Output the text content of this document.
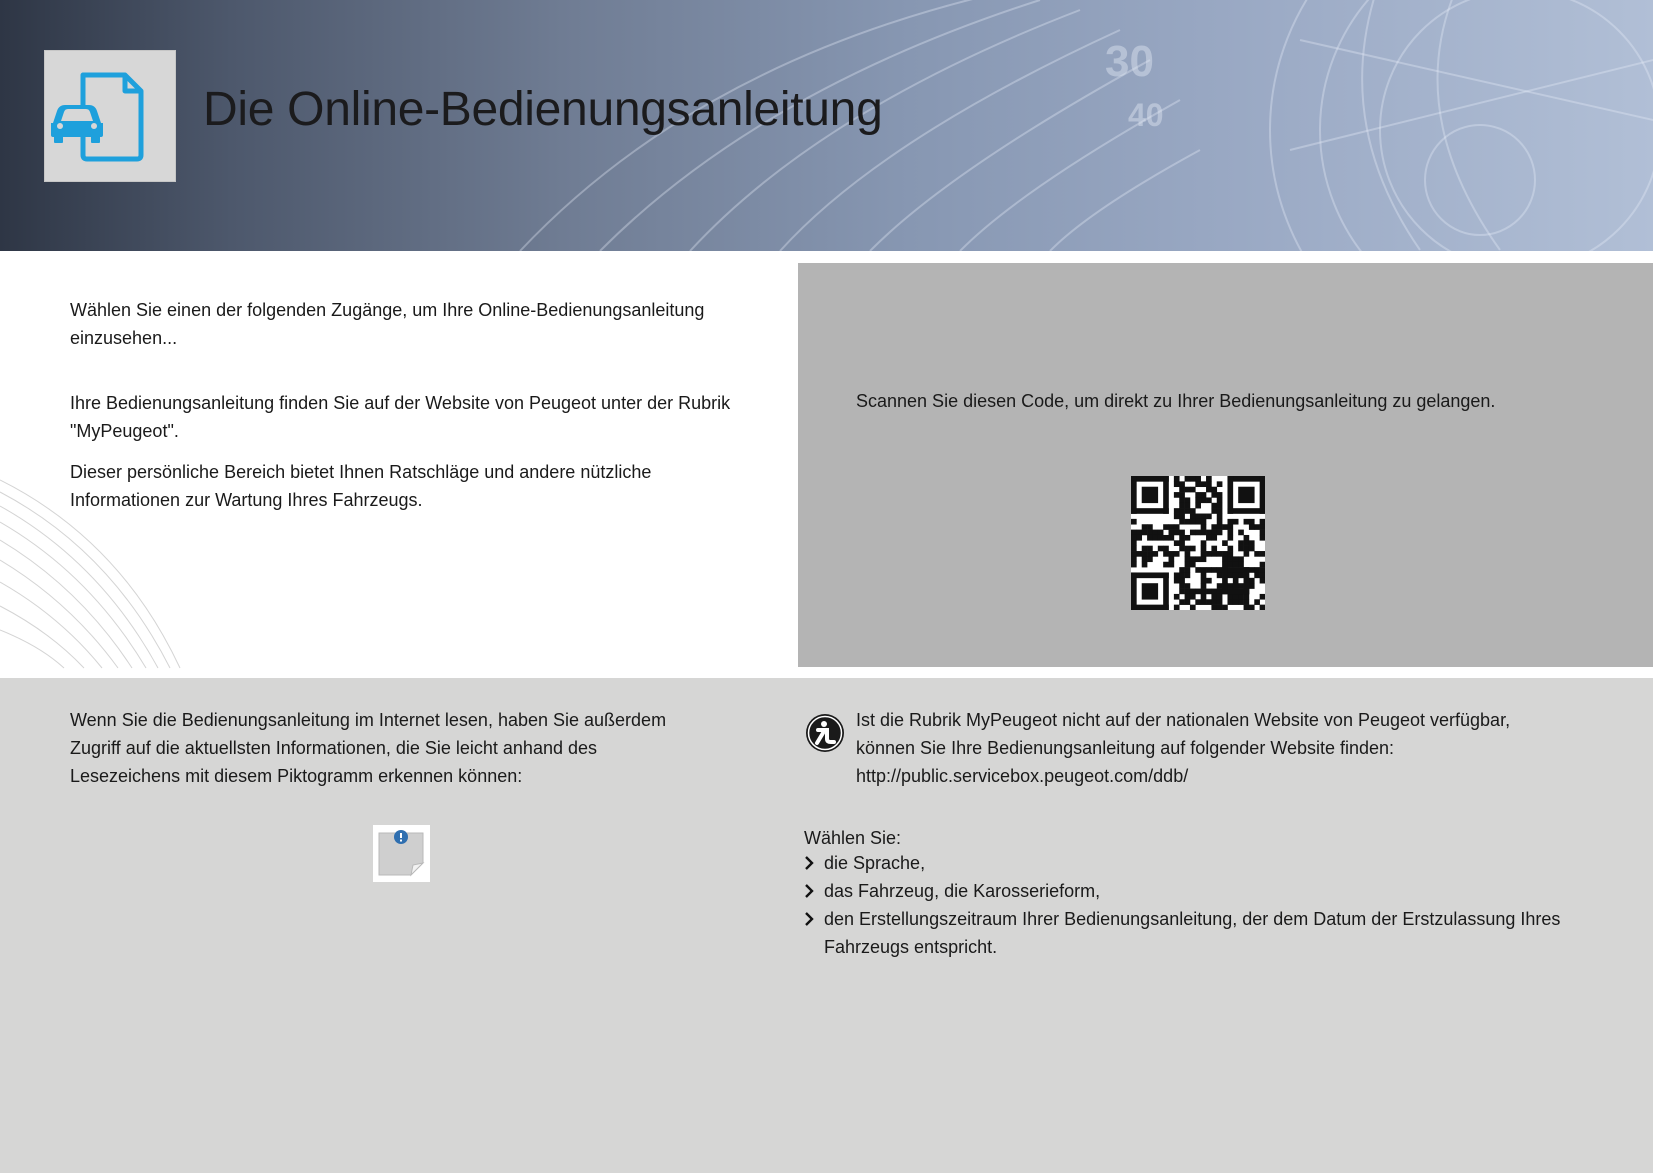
30
40
Die Online-Bedienungsanleitung

Wählen Sie einen der folgenden Zugänge, um Ihre Online-Bedienungsanleitung einzusehen...

Ihre Bedienungsanleitung finden Sie auf der Website von Peugeot unter der Rubrik "MyPeugeot".

Dieser persönliche Bereich bietet Ihnen Ratschläge und andere nützliche Informationen zur Wartung Ihres Fahrzeugs.

Scannen Sie diesen Code, um direkt zu Ihrer Bedienungsanleitung zu gelangen.

Wenn Sie die Bedienungsanleitung im Internet lesen, haben Sie außerdem Zugriff auf die aktuellsten Informationen, die Sie leicht anhand des Lesezeichens mit diesem Piktogramm erkennen können:

Ist die Rubrik MyPeugeot nicht auf der nationalen Website von Peugeot verfügbar,

können Sie Ihre Bedienungsanleitung auf folgender Website finden:

http://public.servicebox.peugeot.com/ddb/

Wählen Sie:

die Sprache,
das Fahrzeug, die Karosserieform,
den Erstellungszeitraum Ihrer Bedienungsanleitung, der dem Datum der Erstzulassung Ihres Fahrzeugs entspricht.
